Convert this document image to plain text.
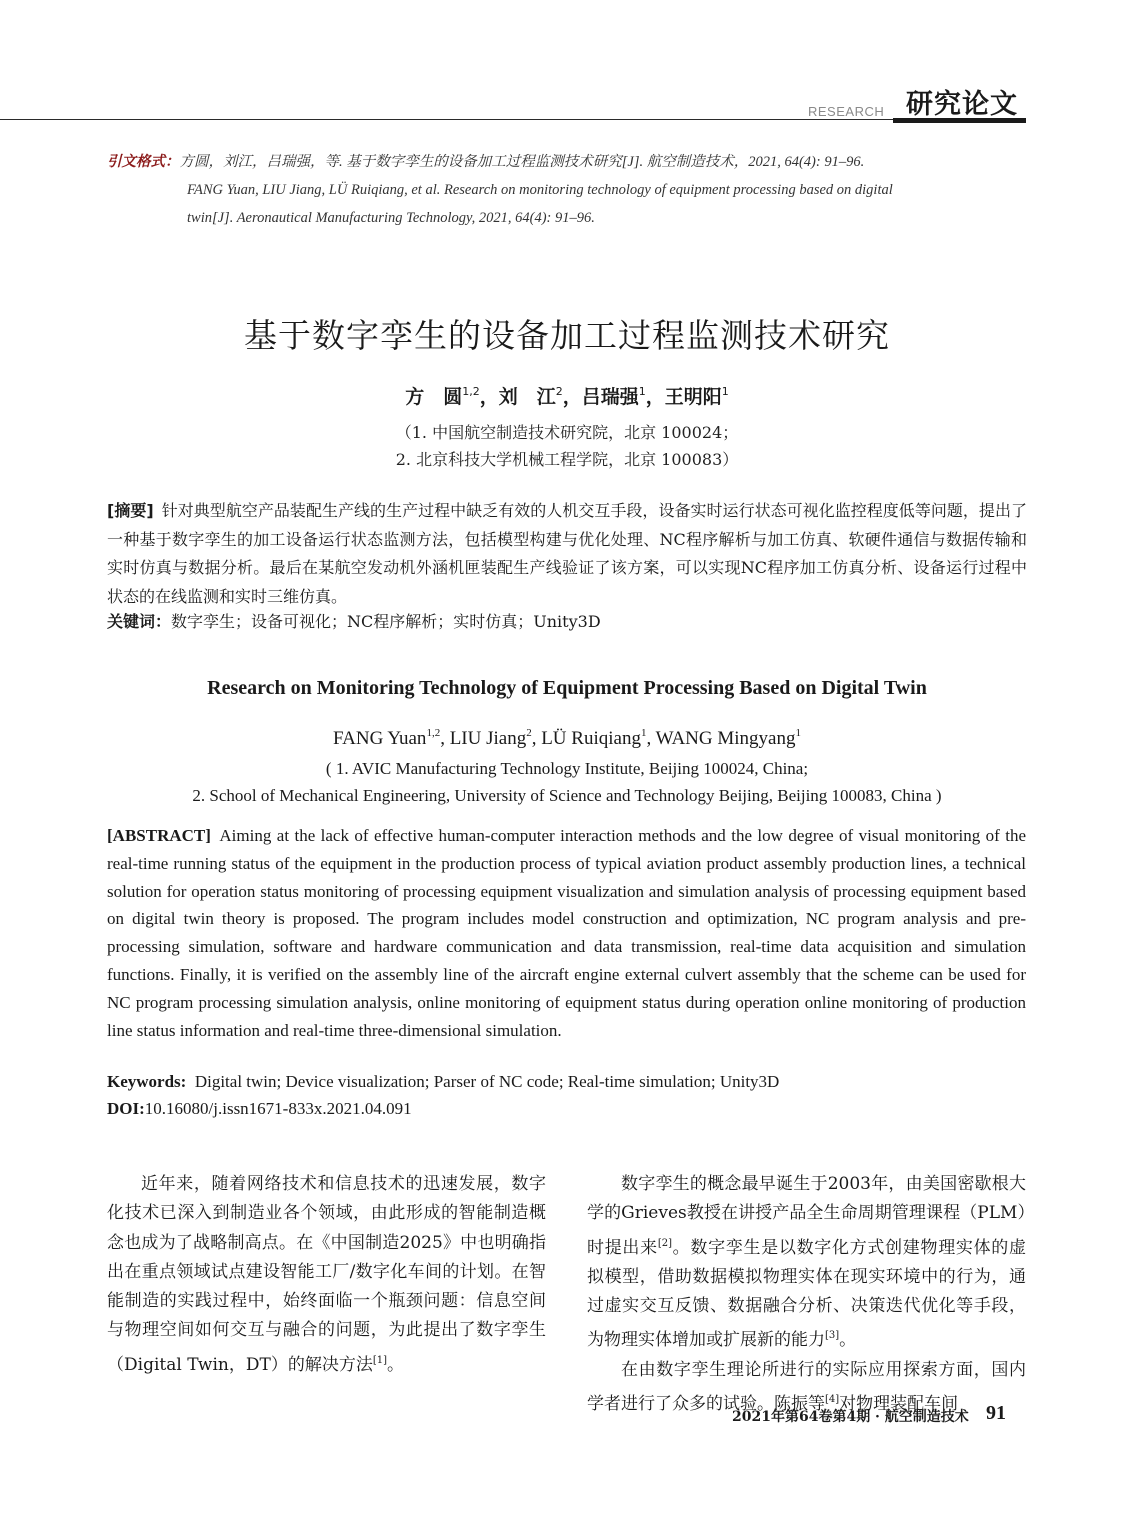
RESEARCH 研究论文
引文格式：方圆，刘江，吕瑞强，等. 基于数字孪生的设备加工过程监测技术研究[J]. 航空制造技术，2021, 64(4): 91–96.
FANG Yuan, LIU Jiang, LÜ Ruiqiang, et al. Research on monitoring technology of equipment processing based on digital
twin[J]. Aeronautical Manufacturing Technology, 2021, 64(4): 91–96.
基于数字孪生的设备加工过程监测技术研究
方　圆$^{1,2}$，刘　江$^2$，吕瑞强$^1$，王明阳$^1$
（1. 中国航空制造技术研究院，北京 100024；
2. 北京科技大学机械工程学院，北京 100083）
[摘要]  针对典型航空产品装配生产线的生产过程中缺乏有效的人机交互手段，设备实时运行状态可视化监控程度低等问题，提出了一种基于数字孪生的加工设备运行状态监测方法，包括模型构建与优化处理、NC程序解析与加工仿真、软硬件通信与数据传输和实时仿真与数据分析。最后在某航空发动机外涵机匣装配生产线验证了该方案，可以实现NC程序加工仿真分析、设备运行过程中状态的在线监测和实时三维仿真。
关键词：数字孪生；设备可视化；NC程序解析；实时仿真；Unity3D
Research on Monitoring Technology of Equipment Processing Based on Digital Twin
FANG Yuan$^{1,2}$, LIU Jiang$^2$, LÜ Ruiqiang$^1$, WANG Mingyang$^1$
( 1. AVIC Manufacturing Technology Institute, Beijing 100024, China;
2. School of Mechanical Engineering, University of Science and Technology Beijing, Beijing 100083, China )
[ABSTRACT]  Aiming at the lack of effective human-computer interaction methods and the low degree of visual monitoring of the real-time running status of the equipment in the production process of typical aviation product assembly production lines, a technical solution for operation status monitoring of processing equipment visualization and simulation analysis of processing equipment based on digital twin theory is proposed. The program includes model construction and optimization, NC program analysis and pre-processing simulation, software and hardware communication and data transmission, real-time data acquisition and simulation functions. Finally, it is verified on the assembly line of the aircraft engine external culvert assembly that the scheme can be used for NC program processing simulation analysis, online monitoring of equipment status during operation online monitoring of production line status information and real-time three-dimensional simulation.
Keywords:  Digital twin; Device visualization; Parser of NC code; Real-time simulation; Unity3D
DOI:10.16080/j.issn1671-833x.2021.04.091

近年来，随着网络技术和信息技术的迅速发展，数字化技术已深入到制造业各个领域，由此形成的智能制造概念也成为了战略制高点。在《中国制造2025》中也明确指出在重点领域试点建设智能工厂/数字化车间的计划。在智能制造的实践过程中，始终面临一个瓶颈问题：信息空间与物理空间如何交互与融合的问题，为此提出了数字孪生（Digital Twin，DT）的解决方法[1]。

数字孪生的概念最早诞生于2003年，由美国密歇根大学的Grieves教授在讲授产品全生命周期管理课程（PLM）时提出来[2]。数字孪生是以数字化方式创建物理实体的虚拟模型，借助数据模拟物理实体在现实环境中的行为，通过虚实交互反馈、数据融合分析、决策迭代优化等手段，为物理实体增加或扩展新的能力[3]。

在由数字孪生理论所进行的实际应用探索方面，国内学者进行了众多的试验。陈振等[4]对物理装配车间

2021年第64卷第4期 · 航空制造技术 91
